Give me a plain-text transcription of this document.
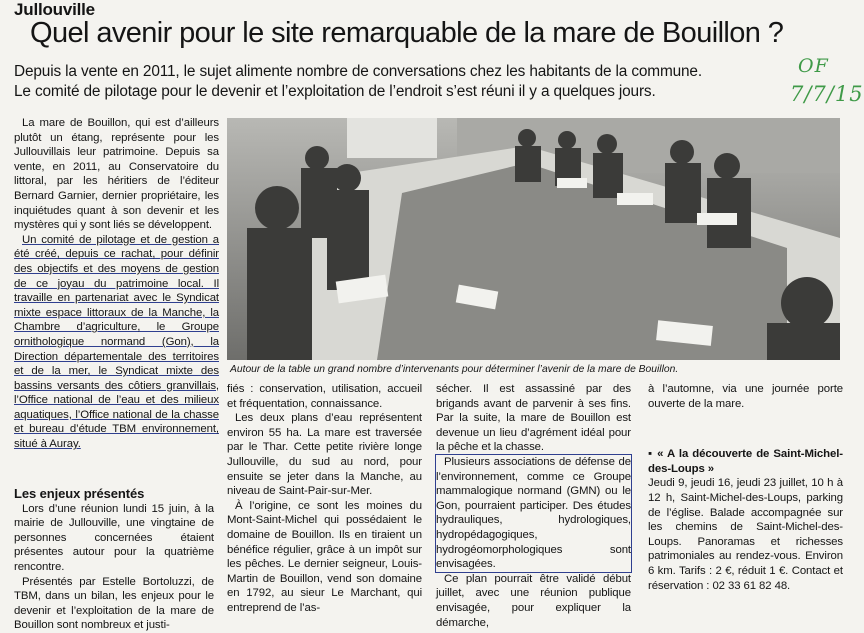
Jullouville
Quel avenir pour le site remarquable de la mare de Bouillon ?
Depuis la vente en 2011, le sujet alimente nombre de conversations chez les habitants de la commune.
Le comité de pilotage pour le devenir et l’exploitation de l’endroit s’est réuni il y a quelques jours.
OF
7/7/15

La mare de Bouillon, qui est d’ailleurs plutôt un étang, représente pour les Jullouvillais leur patrimoine. Depuis sa vente, en 2011, au Conservatoire du littoral, par les héritiers de l’éditeur Bernard Garnier, dernier propriétaire, les inquiétudes quant à son devenir et les mystères qui y sont liés se développent.

Un comité de pilotage et de gestion a été créé, depuis ce rachat, pour définir des objectifs et des moyens de gestion de ce joyau du patrimoine local. Il travaille en partenariat avec le Syndicat mixte espace littoraux de la Manche, la Chambre d’agriculture, le Groupe ornithologique normand (Gon), la Direction départementale des territoires et de la mer, le Syndicat mixte des bassins versants des côtiers granvillais, l’Office national de l’eau et des milieux aquatiques, l’Office national de la chasse et bureau d’étude TBM environnement, situé à Auray.

Les enjeux présentés

Lors d’une réunion lundi 15 juin, à la mairie de Jullouville, une vingtaine de personnes concernées étaient présentes autour pour la quatrième rencontre.

Présentés par Estelle Bortoluzzi, de TBM, dans un bilan, les enjeux pour le devenir et l’exploitation de la mare de Bouillon sont nombreux et justi-

Autour de la table un grand nombre d’intervenants pour déterminer l’avenir de la mare de Bouillon.

fiés : conservation, utilisation, accueil et fréquentation, connaissance.

Les deux plans d’eau représentent environ 55 ha. La mare est traversée par le Thar. Cette petite rivière longe Jullouville, du sud au nord, pour ensuite se jeter dans la Manche, au niveau de Saint-Pair-sur-Mer.

À l’origine, ce sont les moines du Mont-Saint-Michel qui possédaient le domaine de Bouillon. Ils en tiraient un bénéfice régulier, grâce à un impôt sur les pêches. Le dernier seigneur, Louis-Martin de Bouillon, vend son domaine en 1792, au sieur Le Marchant, qui entreprend de l’as-

sécher. Il est assassiné par des brigands avant de parvenir à ses fins. Par la suite, la mare de Bouillon est devenue un lieu d’agrément idéal pour la pêche et la chasse.

Plusieurs associations de défense de l’environnement, comme ce Groupe mammalogique normand (GMN) ou le Gon, pourraient participer. Des études hydrauliques, hydrologiques, hydropédagogiques, hydrogéomorphologiques sont envisagées.

Ce plan pourrait être validé début juillet, avec une réunion publique envisagée, pour expliquer la démarche,

à l’automne, via une journée porte ouverte de la mare.

▪ « A la découverte de Saint-Michel-des-Loups »

Jeudi 9, jeudi 16, jeudi 23 juillet, 10 h à 12 h, Saint-Michel-des-Loups, parking de l’église. Balade accompagnée sur les chemins de Saint-Michel-des-Loups. Panoramas et richesses patrimoniales au rendez-vous. Environ 6 km. Tarifs : 2 €, réduit 1 €. Contact et réservation : 02 33 61 82 48.
